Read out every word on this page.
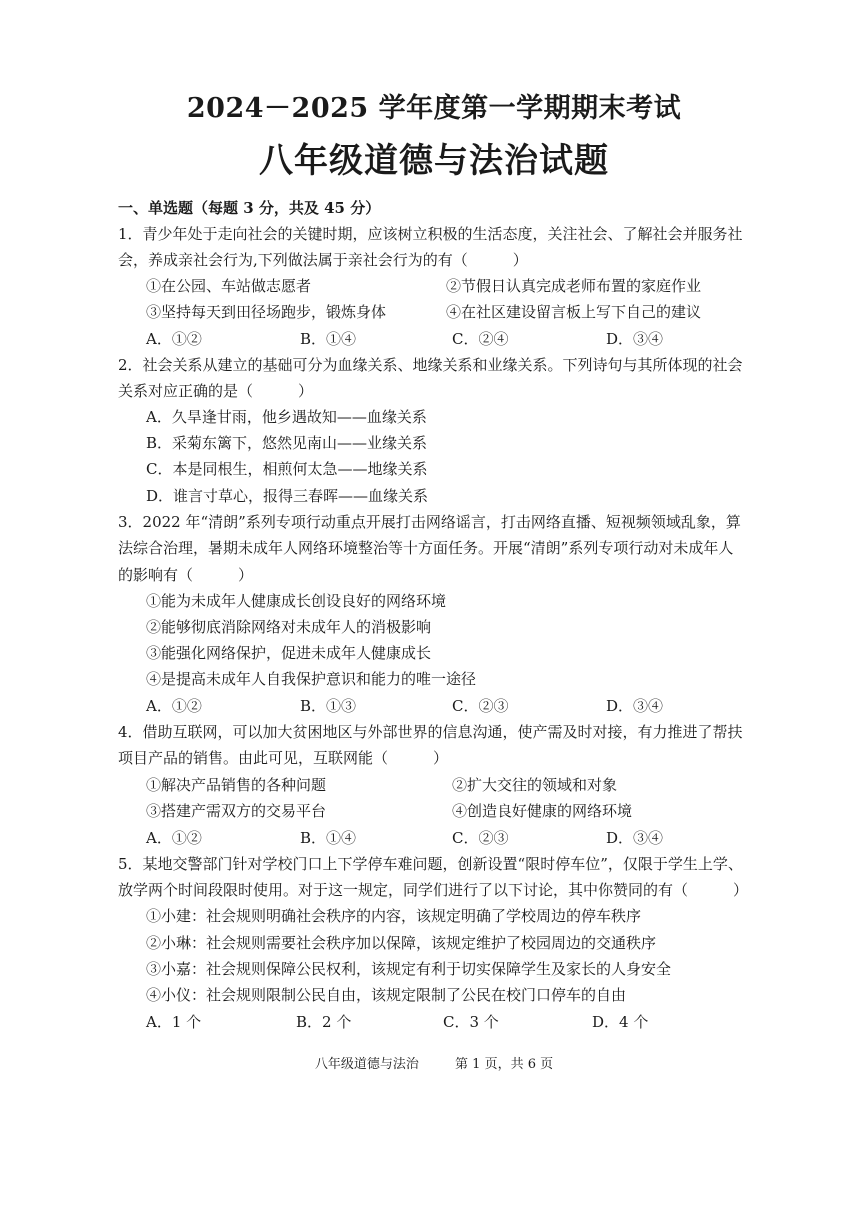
2024－2025 学年度第一学期期末考试
八年级道德与法治试题
一、单选题（每题 3 分，共及 45 分）
1．青少年处于走向社会的关键时期，应该树立积极的生活态度，关注社会、了解社会并服务社
会，养成亲社会行为,下列做法属于亲社会行为的有（　　　）
①在公园、车站做志愿者	②节假日认真完成老师布置的家庭作业
③坚持每天到田径场跑步，锻炼身体	④在社区建设留言板上写下自己的建议
A．①②	B．①④	C．②④	D．③④
2．社会关系从建立的基础可分为血缘关系、地缘关系和业缘关系。下列诗句与其所体现的社会
关系对应正确的是（　　　）
A．久旱逢甘雨，他乡遇故知——血缘关系
B．采菊东篱下，悠然见南山——业缘关系
C．本是同根生，相煎何太急——地缘关系
D．谁言寸草心，报得三春晖——血缘关系
3．2022 年“清朗”系列专项行动重点开展打击网络谣言，打击网络直播、短视频领域乱象，算
法综合治理，暑期未成年人网络环境整治等十方面任务。开展“清朗”系列专项行动对未成年人
的影响有（　　　）
①能为未成年人健康成长创设良好的网络环境
②能够彻底消除网络对未成年人的消极影响
③能强化网络保护，促进未成年人健康成长
④是提高未成年人自我保护意识和能力的唯一途径
A．①②	B．①③	C．②③	D．③④
4．借助互联网，可以加大贫困地区与外部世界的信息沟通，使产需及时对接，有力推进了帮扶
项目产品的销售。由此可见，互联网能（　　　）
①解决产品销售的各种问题	②扩大交往的领域和对象
③搭建产需双方的交易平台	④创造良好健康的网络环境
A．①②	B．①④	C．②③	D．③④
5．某地交警部门针对学校门口上下学停车难问题，创新设置“限时停车位”，仅限于学生上学、
放学两个时间段限时使用。对于这一规定，同学们进行了以下讨论，其中你赞同的有（　　　）
①小建：社会规则明确社会秩序的内容，该规定明确了学校周边的停车秩序
②小琳：社会规则需要社会秩序加以保障，该规定维护了校园周边的交通秩序
③小嘉：社会规则保障公民权利，该规定有利于切实保障学生及家长的人身安全
④小仪：社会规则限制公民自由，该规定限制了公民在校门口停车的自由
A．1 个	B．2 个	C．3 个	D．4 个
八年级道德与法治	第 1 页，共 6 页
